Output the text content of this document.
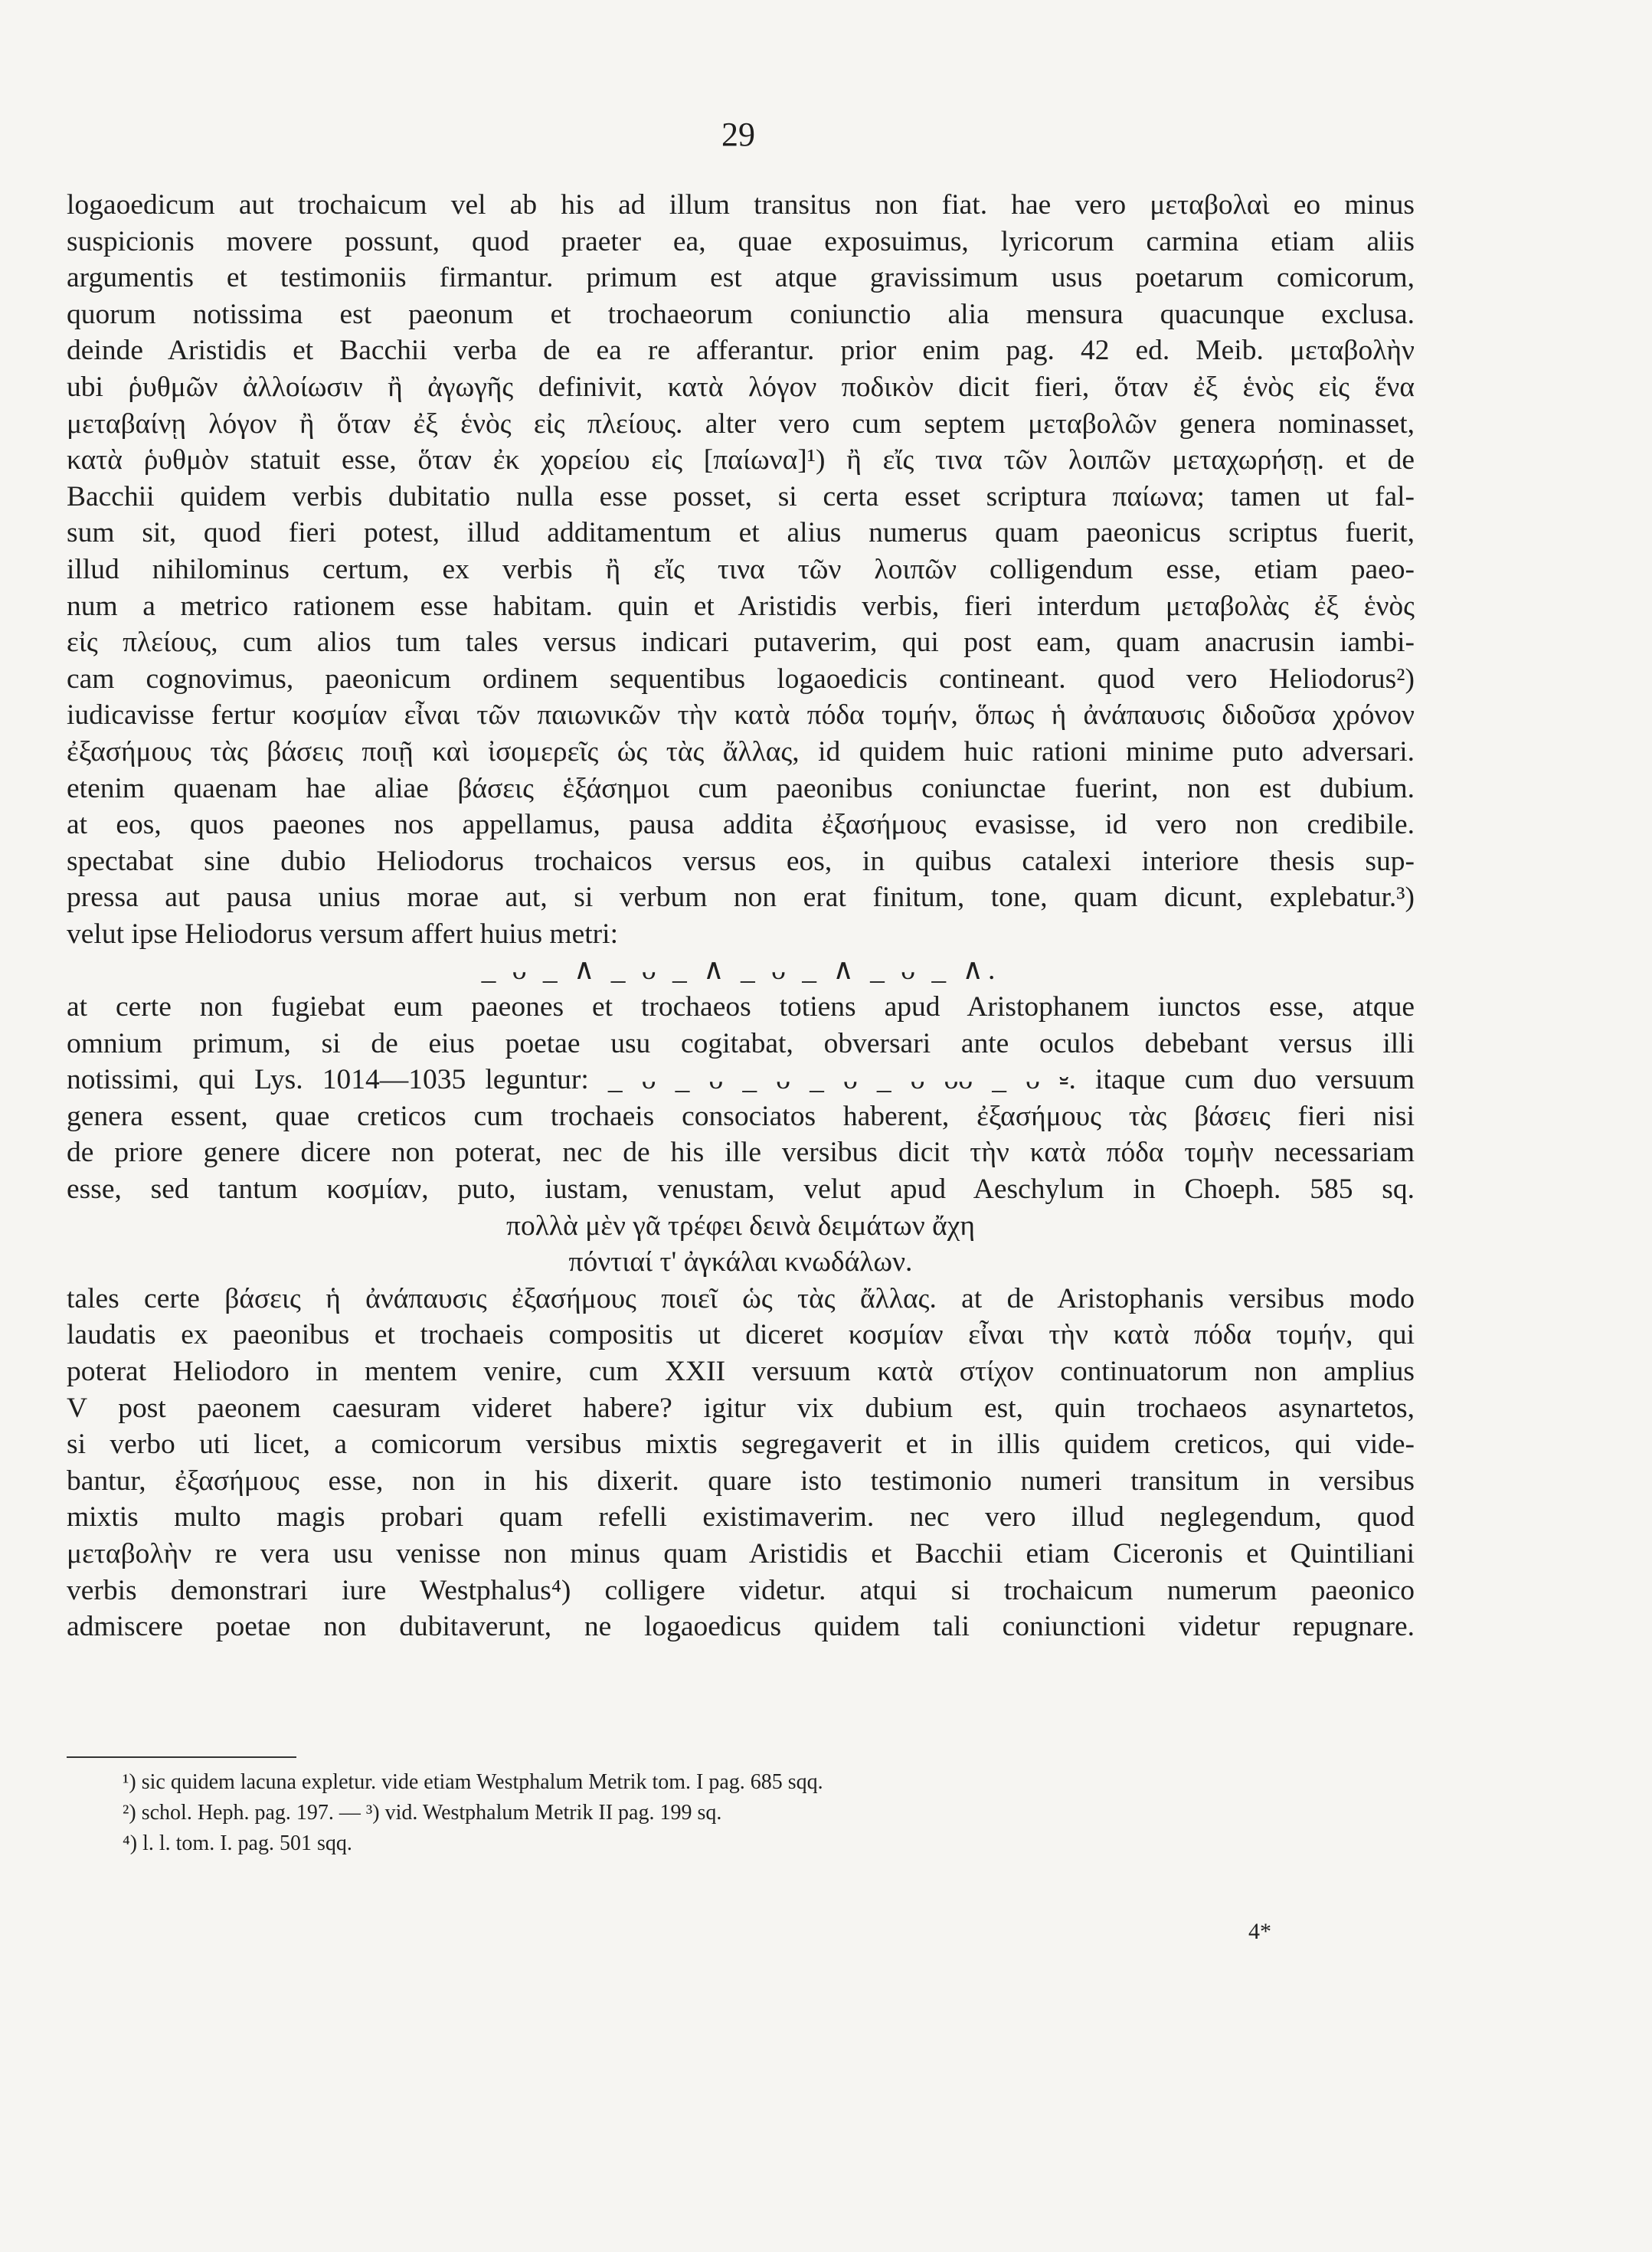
29
logaoedicum aut trochaicum vel ab his ad illum transitus non fiat. hae vero μεταβολαὶ eo minus
suspicionis movere possunt, quod praeter ea, quae exposuimus, lyricorum carmina etiam aliis
argumentis et testimoniis firmantur. primum est atque gravissimum usus poetarum comicorum,
quorum notissima est paeonum et trochaeorum coniunctio alia mensura quacunque exclusa.
deinde Aristidis et Bacchii verba de ea re afferantur. prior enim pag. 42 ed. Meib. μεταβολὴν
ubi ῥυθμῶν ἀλλοίωσιν ἢ ἀγωγῆς definivit, κατὰ λόγον ποδικὸν dicit fieri, ὅταν ἐξ ἑνὸς εἰς ἕνα
μεταβαίνῃ λόγον ἢ ὅταν ἐξ ἑνὸς εἰς πλείους. alter vero cum septem μεταβολῶν genera nominasset,
κατὰ ῥυθμὸν statuit esse, ὅταν ἐκ χορείου εἰς [παίωνα]¹) ἢ εἴς τινα τῶν λοιπῶν μεταχωρήσῃ. et de
Bacchii quidem verbis dubitatio nulla esse posset, si certa esset scriptura παίωνα; tamen ut fal-
sum sit, quod fieri potest, illud additamentum et alius numerus quam paeonicus scriptus fuerit,
illud nihilominus certum, ex verbis ἢ εἴς τινα τῶν λοιπῶν colligendum esse, etiam paeo-
num a metrico rationem esse habitam. quin et Aristidis verbis, fieri interdum μεταβολὰς ἐξ ἑνὸς
εἰς πλείους, cum alios tum tales versus indicari putaverim, qui post eam, quam anacrusin iambi-
cam cognovimus, paeonicum ordinem sequentibus logaoedicis contineant. quod vero Heliodorus²)
iudicavisse fertur κοσμίαν εἶναι τῶν παιωνικῶν τὴν κατὰ πόδα τομήν, ὅπως ἡ ἀνάπαυσις διδοῦσα χρόνον
ἐξασήμους τὰς βάσεις ποιῇ καὶ ἰσομερεῖς ὡς τὰς ἄλλας, id quidem huic rationi minime puto adversari.
etenim quaenam hae aliae βάσεις ἑξάσημοι cum paeonibus coniunctae fuerint, non est dubium.
at eos, quos paeones nos appellamus, pausa addita ἐξασήμους evasisse, id vero non credibile.
spectabat sine dubio Heliodorus trochaicos versus eos, in quibus catalexi interiore thesis sup-
pressa aut pausa unius morae aut, si verbum non erat finitum, tone, quam dicunt, explebatur.³)
velut ipse Heliodorus versum affert huius metri:
_ ᴗ _ ∧ _ ᴗ _ ∧ _ ᴗ _ ∧ _ ᴗ _ ∧.
at certe non fugiebat eum paeones et trochaeos totiens apud Aristophanem iunctos esse, atque
omnium primum, si de eius poetae usu cogitabat, obversari ante oculos debebant versus illi
notissimi, qui Lys. 1014—1035 leguntur: _ ᴗ _ ᴗ _ ᴗ _ ᴗ _ ᴗ ᴗᴗ _ ᴗ ⏓. itaque cum duo versuum
genera essent, quae creticos cum trochaeis consociatos haberent, ἐξασήμους τὰς βάσεις fieri nisi
de priore genere dicere non poterat, nec de his ille versibus dicit τὴν κατὰ πόδα τομὴν necessariam
esse, sed tantum κοσμίαν, puto, iustam, venustam, velut apud Aeschylum in Choeph. 585 sq.
πολλὰ μὲν γᾶ τρέφει δεινὰ δειμάτων ἄχη
πόντιαί τ' ἀγκάλαι κνωδάλων.
tales certe βάσεις ἡ ἀνάπαυσις ἐξασήμους ποιεῖ ὡς τὰς ἄλλας. at de Aristophanis versibus modo
laudatis ex paeonibus et trochaeis compositis ut diceret κοσμίαν εἶναι τὴν κατὰ πόδα τομήν, qui
poterat Heliodoro in mentem venire, cum XXII versuum κατὰ στίχον continuatorum non amplius
V post paeonem caesuram videret habere? igitur vix dubium est, quin trochaeos asynartetos,
si verbo uti licet, a comicorum versibus mixtis segregaverit et in illis quidem creticos, qui vide-
bantur, ἐξασήμους esse, non in his dixerit. quare isto testimonio numeri transitum in versibus
mixtis multo magis probari quam refelli existimaverim. nec vero illud neglegendum, quod
μεταβολὴν re vera usu venisse non minus quam Aristidis et Bacchii etiam Ciceronis et Quintiliani
verbis demonstrari iure Westphalus⁴) colligere videtur. atqui si trochaicum numerum paeonico
admiscere poetae non dubitaverunt, ne logaoedicus quidem tali coniunctioni videtur repugnare.
¹) sic quidem lacuna expletur. vide etiam Westphalum Metrik tom. I pag. 685 sqq.
²) schol. Heph. pag. 197. — ³) vid. Westphalum Metrik II pag. 199 sq.
⁴) l. l. tom. I. pag. 501 sqq.
4*
